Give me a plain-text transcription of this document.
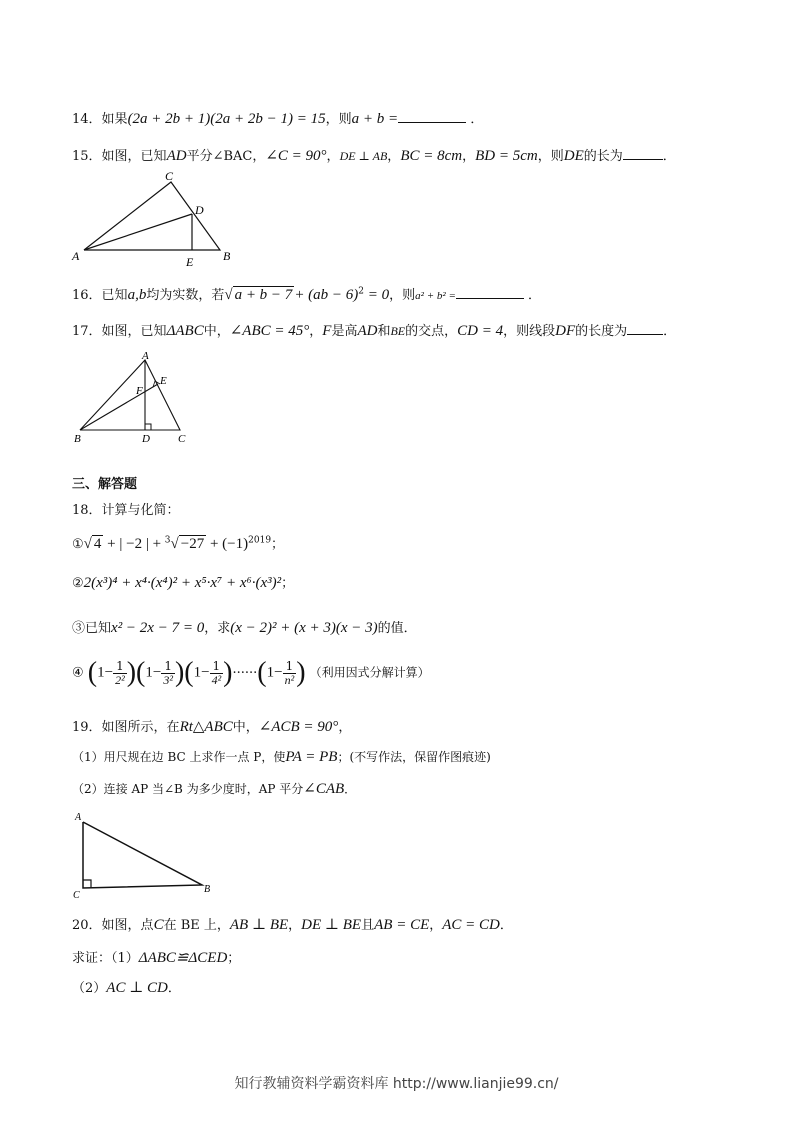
14．如果(2a + 2b + 1)(2a + 2b − 1) = 15，则a + b =	．
15．如图，已知AD平分∠BAC，∠C = 90°，DE ⊥ AB，BC = 8cm，BD = 5cm，则DE的长为	．
A
C
D
E B
16．已知a,b均为实数，若√ a + b − 7 + (ab − 6)$^2$ = 0，则a² + b² =	．
17．如图，已知ΔABC中，∠ABC = 45°，F是高AD和BE的交点，CD = 4，则线段DF的长度为	．
A
E
F
B	D	C
三、解答题
18．计算与化简：
①√ 4 + | −2 | + $^3√ -27 + (-1)^{2019}$；
②2(x³)⁴ + x⁴·(x⁴)² + x⁵·x⁷ + x⁶·(x³)²；
③已知x² − 2x − 7 = 0，求(x − 2)² + (x + 3)(x − 3)的值．
④ $(1- \frac{1}{\text{2²}} )(1- \frac{1}{\text{3²}} )(1- \frac{1}{\text{4²}} )\cdot\cdot\cdot\cdot\cdot\cdot(1- \frac{1}{\text{n²}}$ ) （利用因式分解计算）
19．如图所示，在Rt△ABC中，∠ACB = 90°，
（1）用尺规在边 BC 上求作一点 P，使PA = PB；(不写作法，保留作图痕迹)
（2）连接 AP 当∠B 为多少度时，AP 平分∠CAB．
A
C
B
20．如图，点C在 BE 上，AB ⊥ BE，DE ⊥ BE且AB = CE，AC = CD．
求证：（1）ΔABC≌ΔCED；
（2）AC ⊥ CD．
知行教辅资料学霸资料库 http://www.lianjie99.cn/
